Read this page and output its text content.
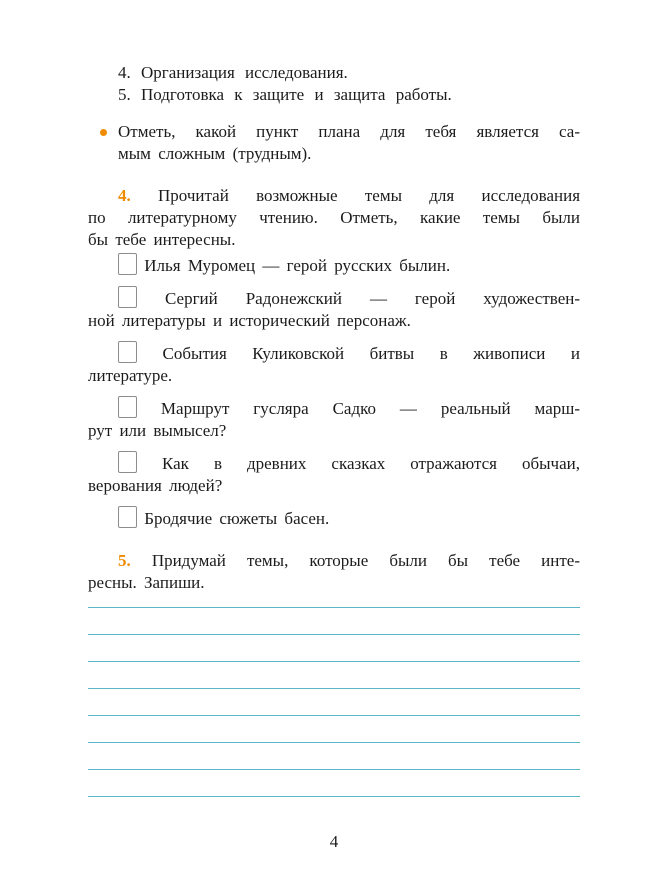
4. Организация исследования.
5. Подготовка к защите и защита работы.
Отметь, какой пункт плана для тебя является са-
мым сложным (трудным).
4. Прочитай возможные темы для исследования
по литературному чтению. Отметь, какие темы были
бы тебе интересны.
Илья Муромец — герой русских былин.
Сергий Радонежский — герой художествен-
ной литературы и исторический персонаж.
События Куликовской битвы в живописи и
литературе.
Маршрут гусляра Садко — реальный марш-
рут или вымысел?
Как в древних сказках отражаются обычаи,
верования людей?
Бродячие сюжеты басен.
5. Придумай темы, которые были бы тебе инте-
ресны. Запиши.
4
